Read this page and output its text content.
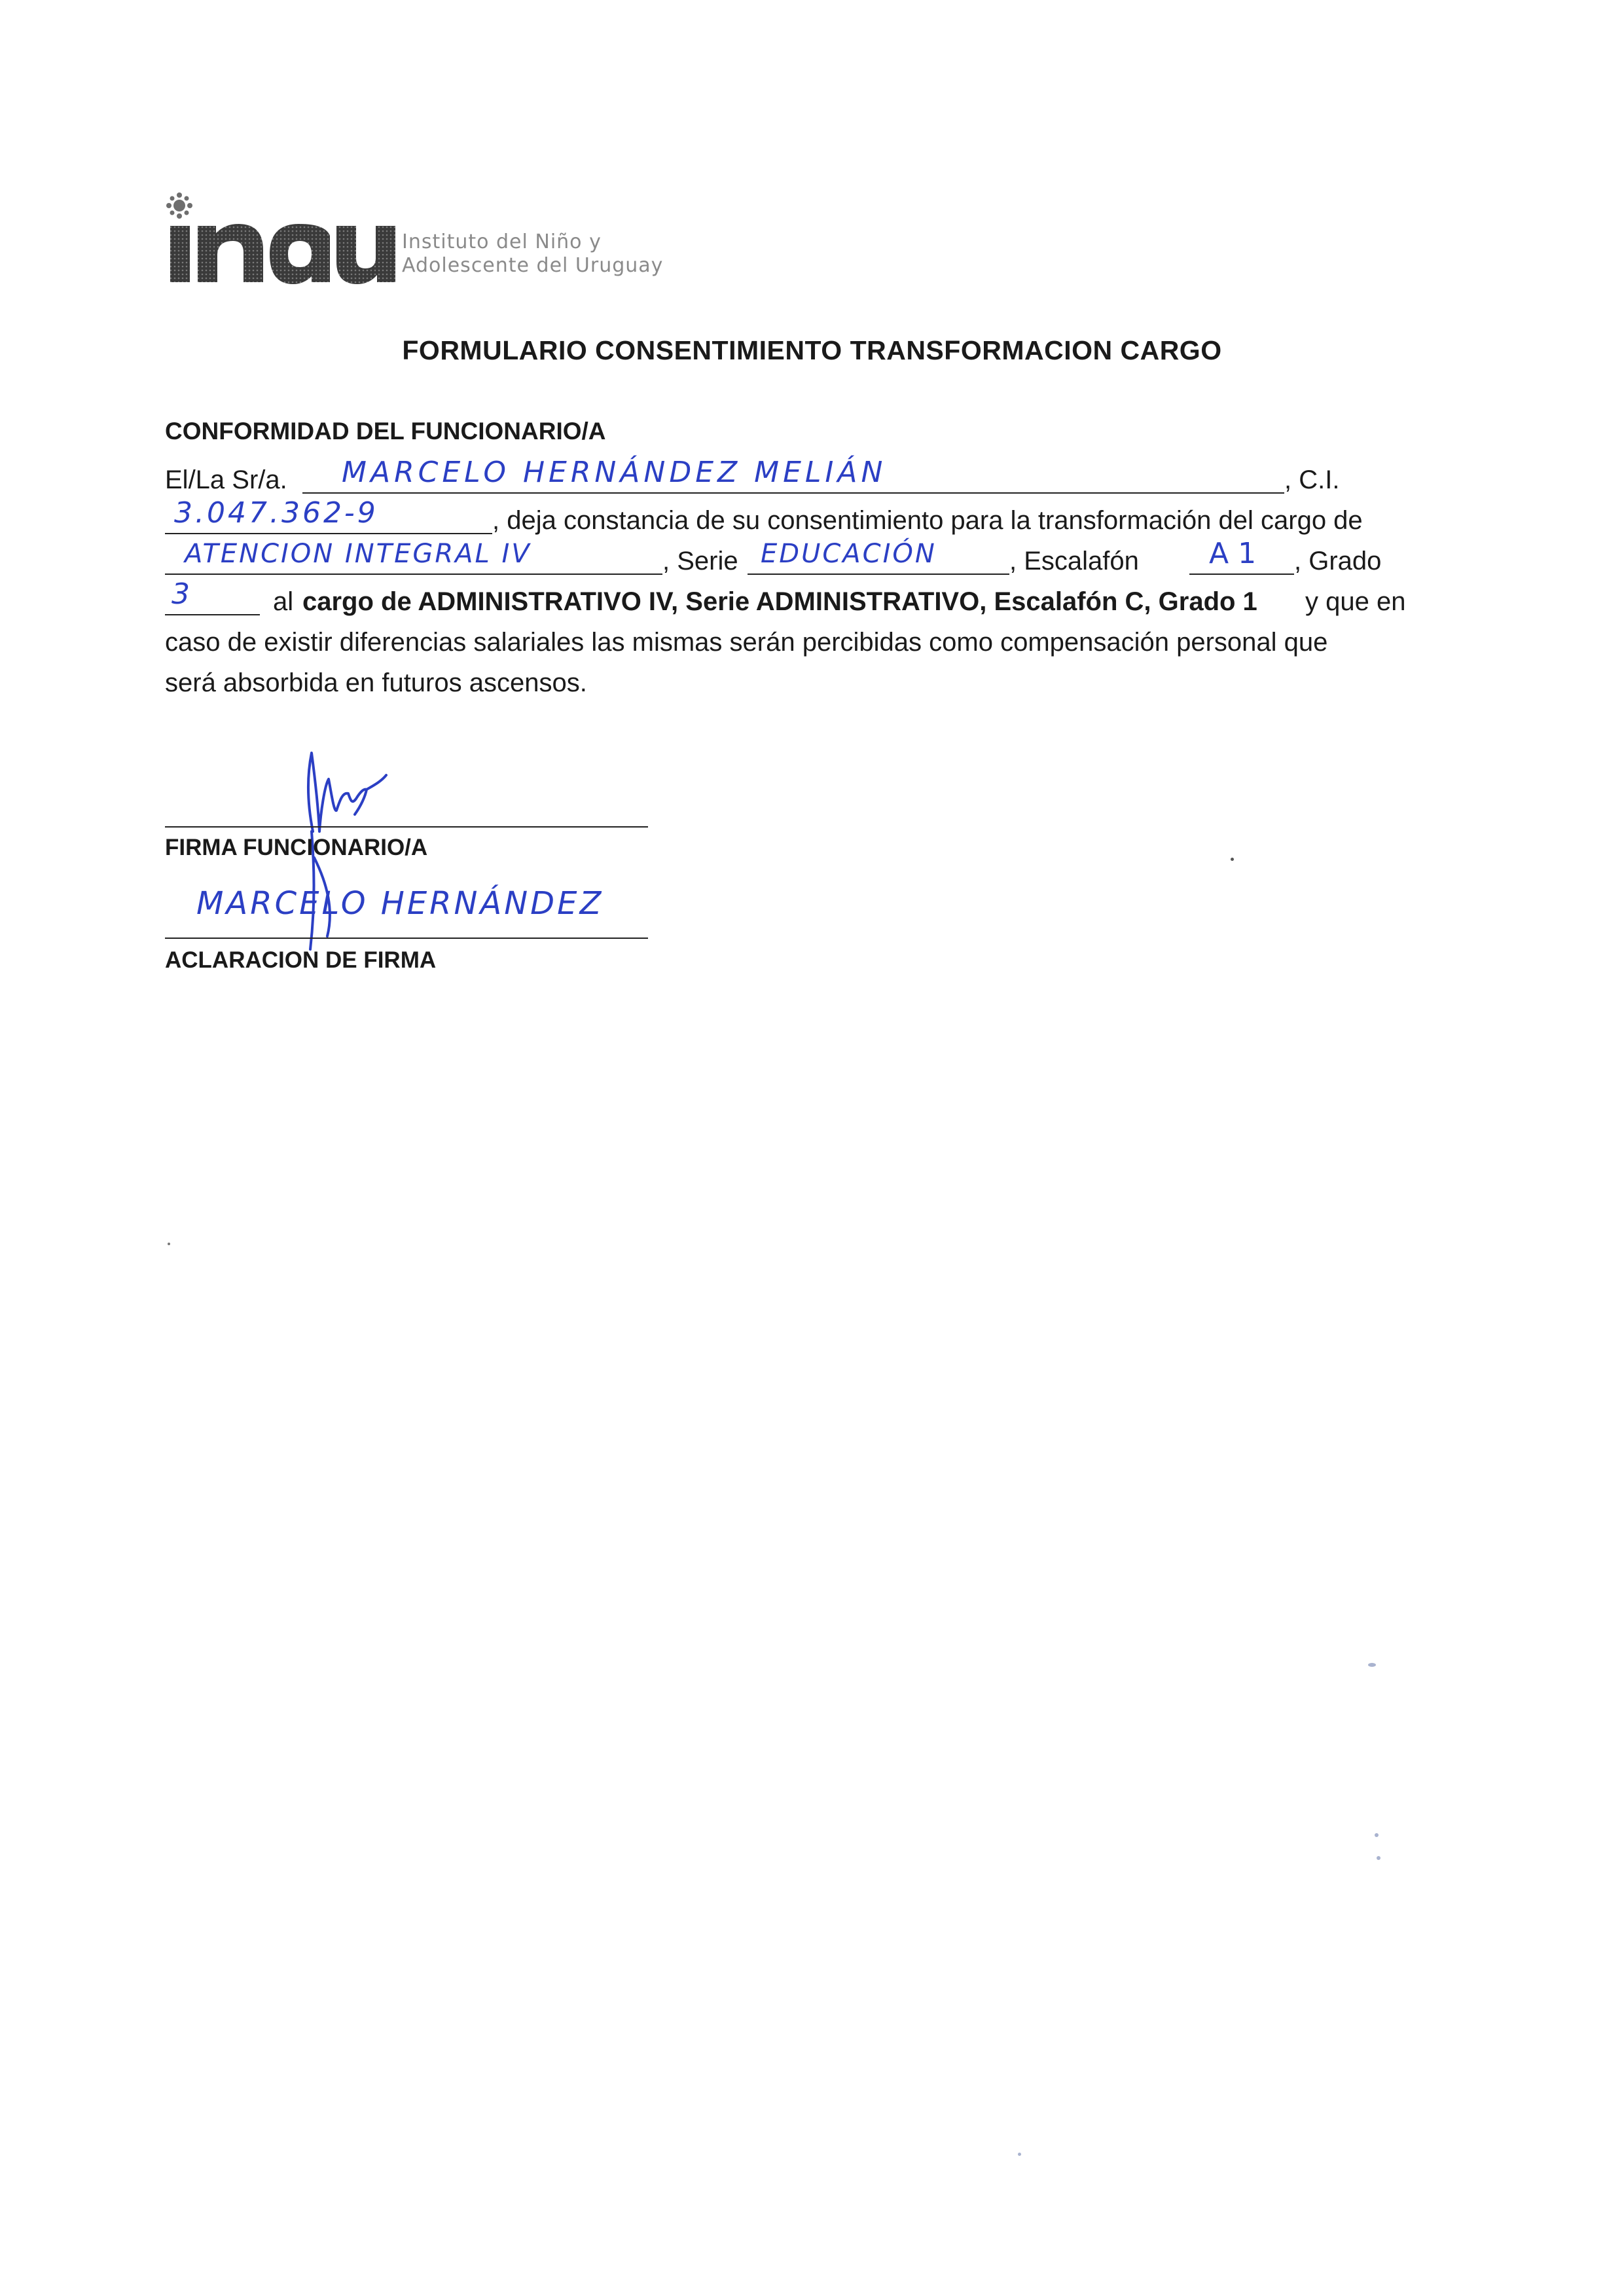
Instituto del Niño y
Adolescente del Uruguay
FORMULARIO CONSENTIMIENTO TRANSFORMACION CARGO
CONFORMIDAD DEL FUNCIONARIO/A
El/La Sr/a.	MARCELO HERNÁNDEZ MELIÁN	, C.I.
3.047.362-9	, deja constancia de su consentimiento para la transformación del cargo de
ATENCION INTEGRAL IV	, Serie EDUCACIÓN	, Escalafón	A1	, Grado
3	al cargo de ADMINISTRATIVO IV, Serie ADMINISTRATIVO, Escalafón C, Grado 1 y que en
caso de existir diferencias salariales las mismas serán percibidas como compensación personal que
será absorbida en futuros ascensos.
FIRMA FUNCIONARIO/A
MARCELO HERNÁNDEZ
ACLARACION DE FIRMA
